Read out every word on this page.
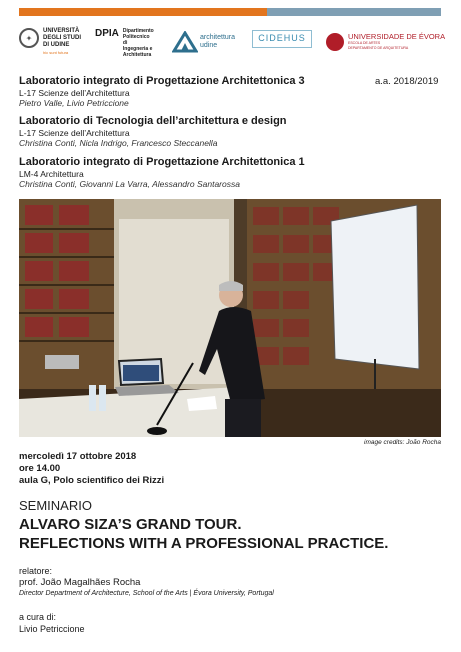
✦
UNIVERSITÀ
DEGLI STUDI
DI UDINE
hic sunt futura
DPIA Dipartimento
Politecnico di
Ingegneria e
Architettura
architettura
udine
CIDEHUS	UNIVERSIDADE DE ÉVORA
ESCOLA DE ARTES
DEPARTAMENTO DE ARQUITETURA
a.a. 2018/2019
Laboratorio integrato di Progettazione Architettonica 3
L-17 Scienze dell’Architettura
Pietro Valle, Livio Petriccione
Laboratorio di Tecnologia dell’architettura e design
L-17 Scienze dell’Architettura
Christina Conti, Nicla Indrigo, Francesco Steccanella
Laboratorio integrato di Progettazione Architettonica 1
LM-4 Architettura
Christina Conti, Giovanni La Varra, Alessandro Santarossa
image credits: João Rocha
mercoledì 17 ottobre 2018
ore 14.00
aula G, Polo scientifico dei Rizzi
SEMINARIO
ALVARO SIZA’S GRAND TOUR.
REFLECTIONS WITH A PROFESSIONAL PRACTICE.
relatore:
prof. João Magalhães Rocha
Director Department of Architecture, School of the Arts | Évora University, Portugal
a cura di:
Livio Petriccione
